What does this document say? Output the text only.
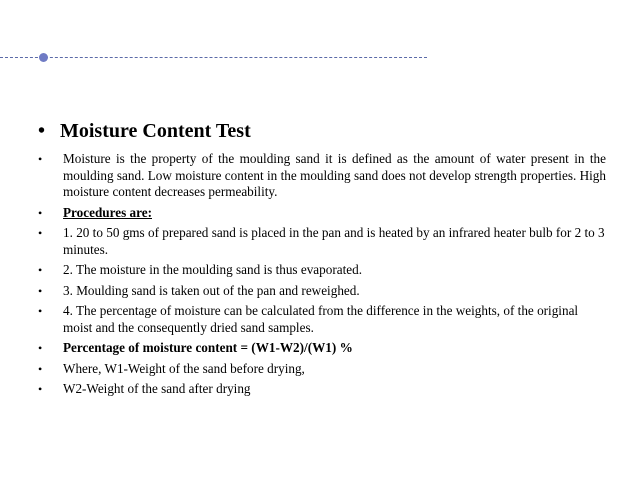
• Moisture Content Test
•	Moisture is the property of the moulding sand it is defined as the amount of water present in the moulding sand. Low moisture content in the moulding sand does not develop strength properties. High moisture content decreases permeability.
•	Procedures are:
•	1. 20 to 50 gms of prepared sand is placed in the pan and is heated by an infrared heater bulb for 2 to 3 minutes.
•	2. The moisture in the moulding sand is thus evaporated.
•	3. Moulding sand is taken out of the pan and reweighed.
•	4. The percentage of moisture can be calculated from the difference in the weights, of the original moist and the consequently dried sand samples.
•	Percentage of moisture content = (W1-W2)/(W1) %
•	Where, W1-Weight of the sand before drying,
•	W2-Weight of the sand after drying
